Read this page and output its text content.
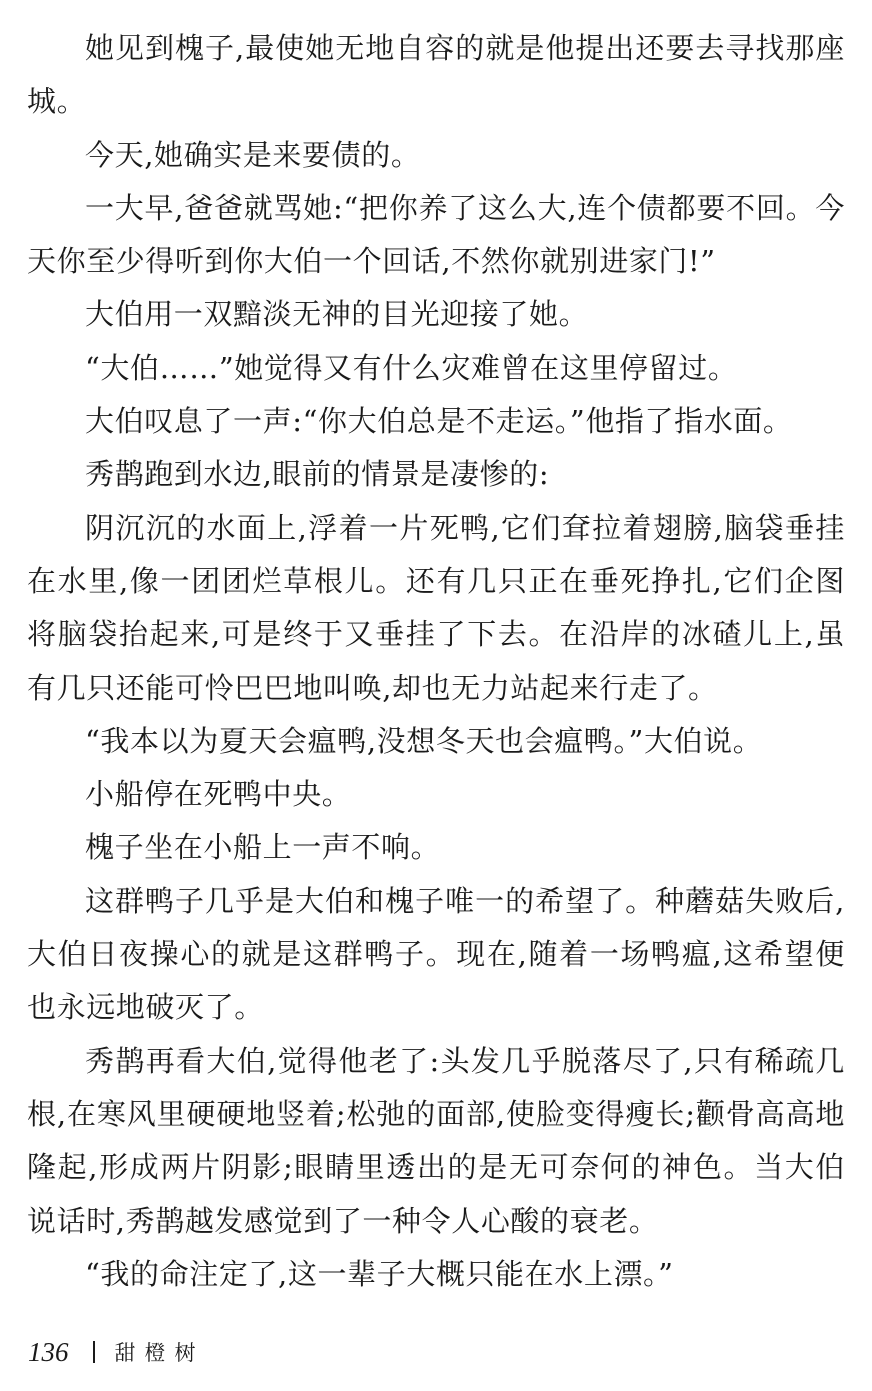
她见到槐子,最使她无地自容的就是他提出还要去寻找那座城。

今天,她确实是来要债的。

一大早,爸爸就骂她:“把你养了这么大,连个债都要不回。今天你至少得听到你大伯一个回话,不然你就别进家门!”

大伯用一双黯淡无神的目光迎接了她。

“大伯……”她觉得又有什么灾难曾在这里停留过。

大伯叹息了一声:“你大伯总是不走运。”他指了指水面。

秀鹊跑到水边,眼前的情景是凄惨的:

阴沉沉的水面上,浮着一片死鸭,它们耷拉着翅膀,脑袋垂挂在水里,像一团团烂草根儿。还有几只正在垂死挣扎,它们企图将脑袋抬起来,可是终于又垂挂了下去。在沿岸的冰碴儿上,虽有几只还能可怜巴巴地叫唤,却也无力站起来行走了。

“我本以为夏天会瘟鸭,没想冬天也会瘟鸭。”大伯说。

小船停在死鸭中央。

槐子坐在小船上一声不响。

这群鸭子几乎是大伯和槐子唯一的希望了。种蘑菇失败后,大伯日夜操心的就是这群鸭子。现在,随着一场鸭瘟,这希望便也永远地破灭了。

秀鹊再看大伯,觉得他老了:头发几乎脱落尽了,只有稀疏几根,在寒风里硬硬地竖着;松弛的面部,使脸变得瘦长;颧骨高高地隆起,形成两片阴影;眼睛里透出的是无可奈何的神色。当大伯说话时,秀鹊越发感觉到了一种令人心酸的衰老。

“我的命注定了,这一辈子大概只能在水上漂。”

136 甜橙树
